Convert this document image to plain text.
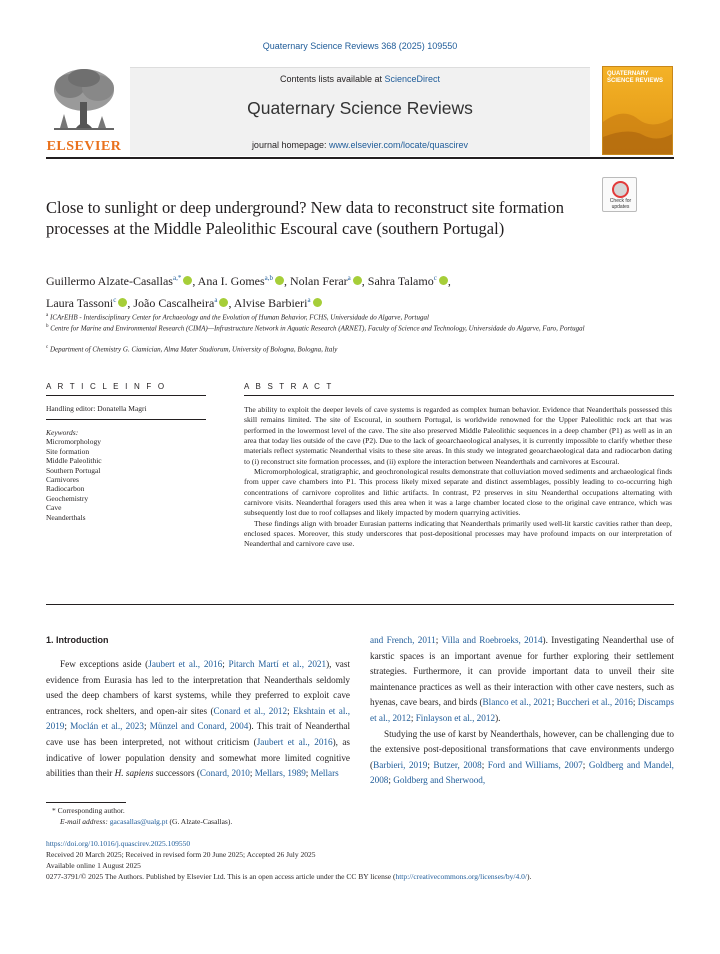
Quaternary Science Reviews 368 (2025) 109550
ELSEVIER
Contents lists available at ScienceDirect
Quaternary Science Reviews
journal homepage: www.elsevier.com/locate/quascirev
QUATERNARY SCIENCE REVIEWS
Check for updates
Close to sunlight or deep underground? New data to reconstruct site formation processes at the Middle Paleolithic Escoural cave (southern Portugal)
Guillermo Alzate-Casallas$^{a,*}$ , Ana I. Gomes$^{a,b}$ , Nolan Ferar$^a$ , Sahra Talamo$^c$ ,
Laura Tassoni$^c$ , João Cascalheira$^a$ , Alvise Barbieri$^a$
$^a$ ICArEHB - Interdisciplinary Center for Archaeology and the Evolution of Human Behavior, FCHS, Universidade do Algarve, Portugal
$^b$ Centre for Marine and Environmental Research (CIMA)—Infrastructure Network in Aquatic Research (ARNET), Faculty of Science and Technology, Universidade do Algarve, Faro, Portugal
$^c$ Department of Chemistry G. Ciamician, Alma Mater Studiorum, University of Bologna, Bologna, Italy
A R T I C L E I N F O
Handling editor: Donatella Magri
Keywords:
Micromorphology
Site formation
Middle Paleolithic
Southern Portugal
Carnivores
Radiocarbon
Geochemistry
Cave
Neanderthals
A B S T R A C T

The ability to exploit the deeper levels of cave systems is regarded as complex human behavior. Evidence that Neanderthals possessed this skill remains limited. The site of Escoural, in southern Portugal, is worldwide renowned for the Upper Paleolithic rock art that was performed in the lowermost level of the cave. The site also preserved Middle Paleolithic sequences in a deep chamber (P1) as well as in an area that today lies outside of the cave (P2). Due to the lack of geoarchaeological analyses, it is currently impossible to clarify whether these materials reflect systematic Neanderthal visits to these site areas. In this study we integrated geoarchaeological data and radiocarbon dating to (i) reconstruct site formation processes, and (ii) explore the interaction between Neanderthals and carnivores at Escoural.

Micromorphological, stratigraphic, and geochronological results demonstrate that colluviation moved sediments and archaeological finds from upper cave chambers into P1. This process likely mixed separate and distinct assemblages, possibly leading to co-occurring high concentrations of carnivore coprolites and lithic artifacts. In contrast, P2 preserves in situ Neanderthal occupations alternating with carnivore visits. Neanderthal foragers used this area when it was a large chamber located close to the original cave entrance, which was subsequently lost due to roof collapses and likely impacted by modern quarrying activities.

These findings align with broader Eurasian patterns indicating that Neanderthals primarily used well-lit karstic cavities rather than deep, enclosed spaces. Moreover, this study underscores that post-depositional processes may have profound impacts on our interpretation of Neanderthal and carnivore cave use.

1. Introduction
Few exceptions aside (Jaubert et al., 2016; Pitarch Martí et al., 2021), vast evidence from Eurasia has led to the interpretation that Neanderthals seldomly used the deep chambers of karst systems, while they preferred to exploit cave entrances, rock shelters, and open-air sites (Conard et al., 2012; Ekshtain et al., 2019; Moclán et al., 2023; Münzel and Conard, 2004). This trait of Neanderthal cave use has been interpreted, not without criticism (Jaubert et al., 2016), as indicative of lower population density and somewhat more limited cognitive abilities than their H. sapiens successors (Conard, 2010; Mellars, 1989; Mellars

and French, 2011; Villa and Roebroeks, 2014). Investigating Neanderthal use of karstic spaces is an important avenue for further exploring their settlement strategies. Furthermore, it can provide important data to unveil their site maintenance practices as well as their interaction with other cave nesters, such as hyenas, cave bears, and birds (Blanco et al., 2021; Buccheri et al., 2016; Discamps et al., 2012; Finlayson et al., 2012).

Studying the use of karst by Neanderthals, however, can be challenging due to the extensive post-depositional transformations that cave environments undergo (Barbieri, 2019; Butzer, 2008; Ford and Williams, 2007; Goldberg and Mandel, 2008; Goldberg and Sherwood,

* Corresponding author.
E-mail address: gacasallas@ualg.pt (G. Alzate-Casallas).
https://doi.org/10.1016/j.quascirev.2025.109550
Received 20 March 2025; Received in revised form 20 June 2025; Accepted 26 July 2025
Available online 1 August 2025
0277-3791/© 2025 The Authors. Published by Elsevier Ltd. This is an open access article under the CC BY license (http://creativecommons.org/licenses/by/4.0/).
